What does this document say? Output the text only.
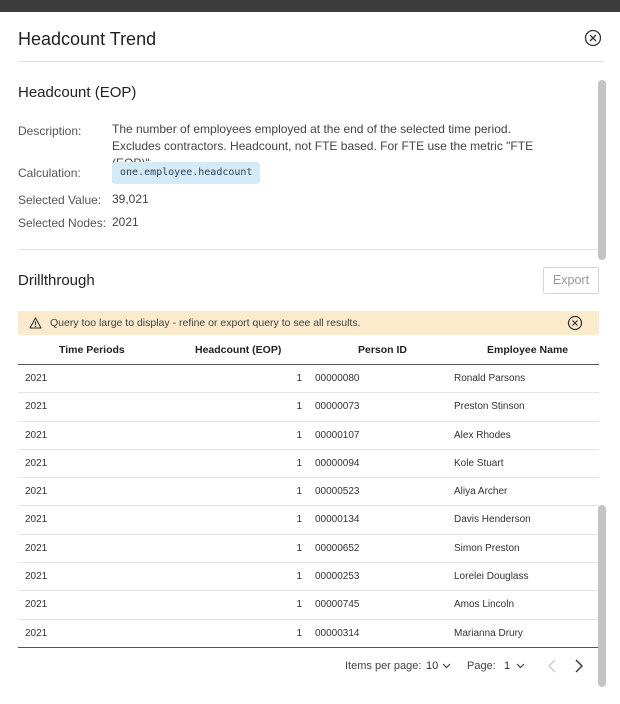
Headcount Trend
Headcount (EOP)
Description:	The number of employees employed at the end of the selected time period. Excludes contractors. Headcount, not FTE based. For FTE use the metric "FTE
Calculation:	one.employee.headcount
Selected Value: 39,021
Selected Nodes: 2021
Drillthrough	Export
Query too large to display - refine or export query to see all results.
Time Periods	Headcount (EOP)	Person ID	Employee Name
2021	1 00000080	Ronald Parsons
2021	1 00000073	Preston Stinson
2021	1 00000107	Alex Rhodes
2021	1 00000094	Kole Stuart
2021	1 00000523	Aliya Archer
2021	1 00000134	Davis Henderson
2021	1 00000652	Simon Preston
2021	1 00000253	Lorelei Douglass
2021	1 00000745	Amos Lincoln
2021	1 00000314	Marianna Drury
Items per page: 10	Page: 1
